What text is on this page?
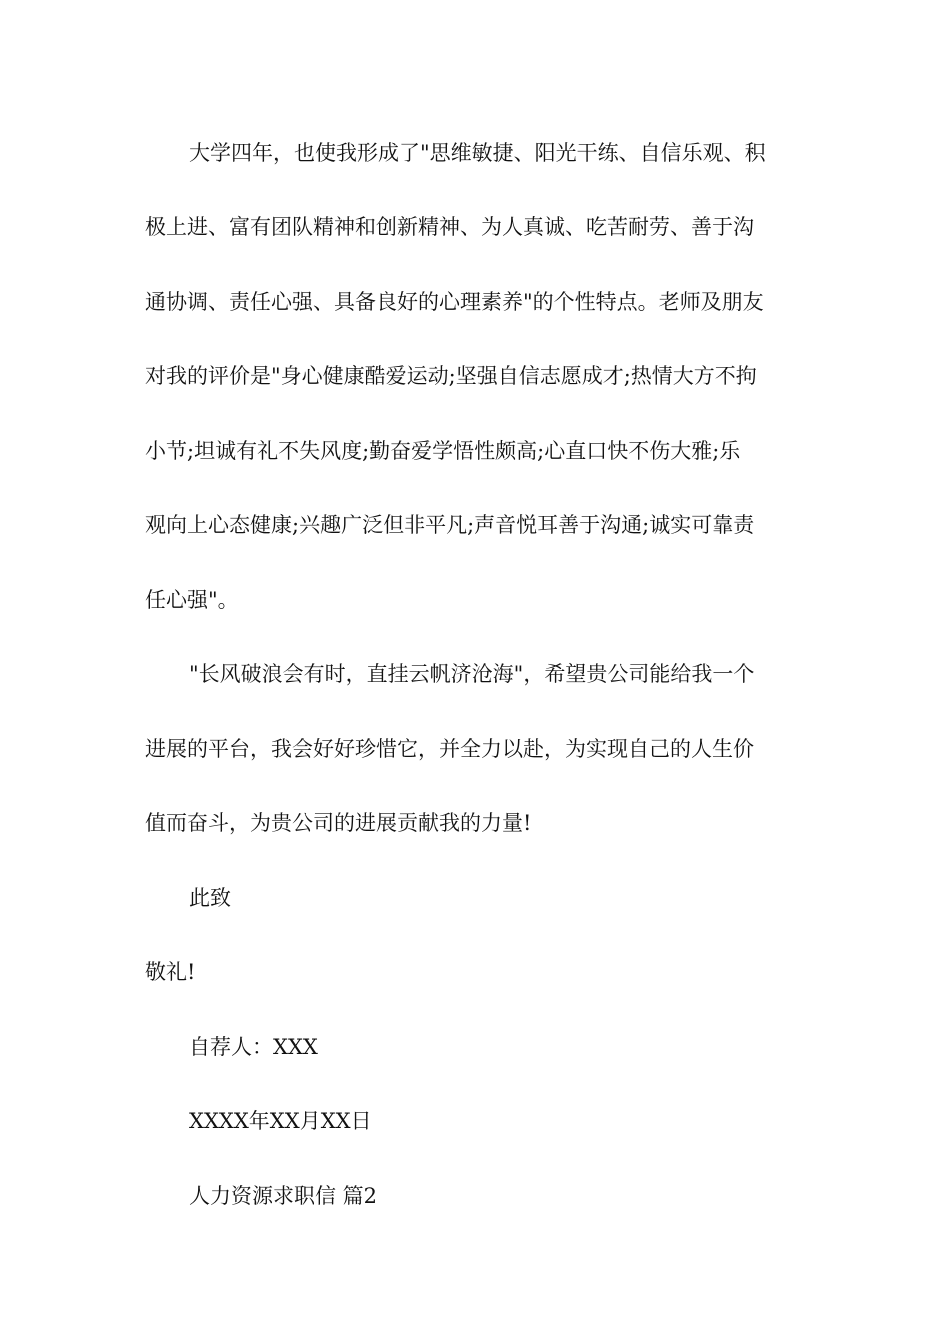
大学四年，也使我形成了"思维敏捷、阳光干练、自信乐观、积
极上进、富有团队精神和创新精神、为人真诚、吃苦耐劳、善于沟
通协调、责任心强、具备良好的心理素养"的个性特点。老师及朋友
对我的评价是"身心健康酷爱运动;坚强自信志愿成才;热情大方不拘
小节;坦诚有礼不失风度;勤奋爱学悟性颇高;心直口快不伤大雅;乐
观向上心态健康;兴趣广泛但非平凡;声音悦耳善于沟通;诚实可靠责
任心强"。
"长风破浪会有时，直挂云帆济沧海"，希望贵公司能给我一个
进展的平台，我会好好珍惜它，并全力以赴，为实现自己的人生价
值而奋斗，为贵公司的进展贡献我的力量!
此致
敬礼!
自荐人：XXX
XXXX年XX月XX日
人力资源求职信 篇2
